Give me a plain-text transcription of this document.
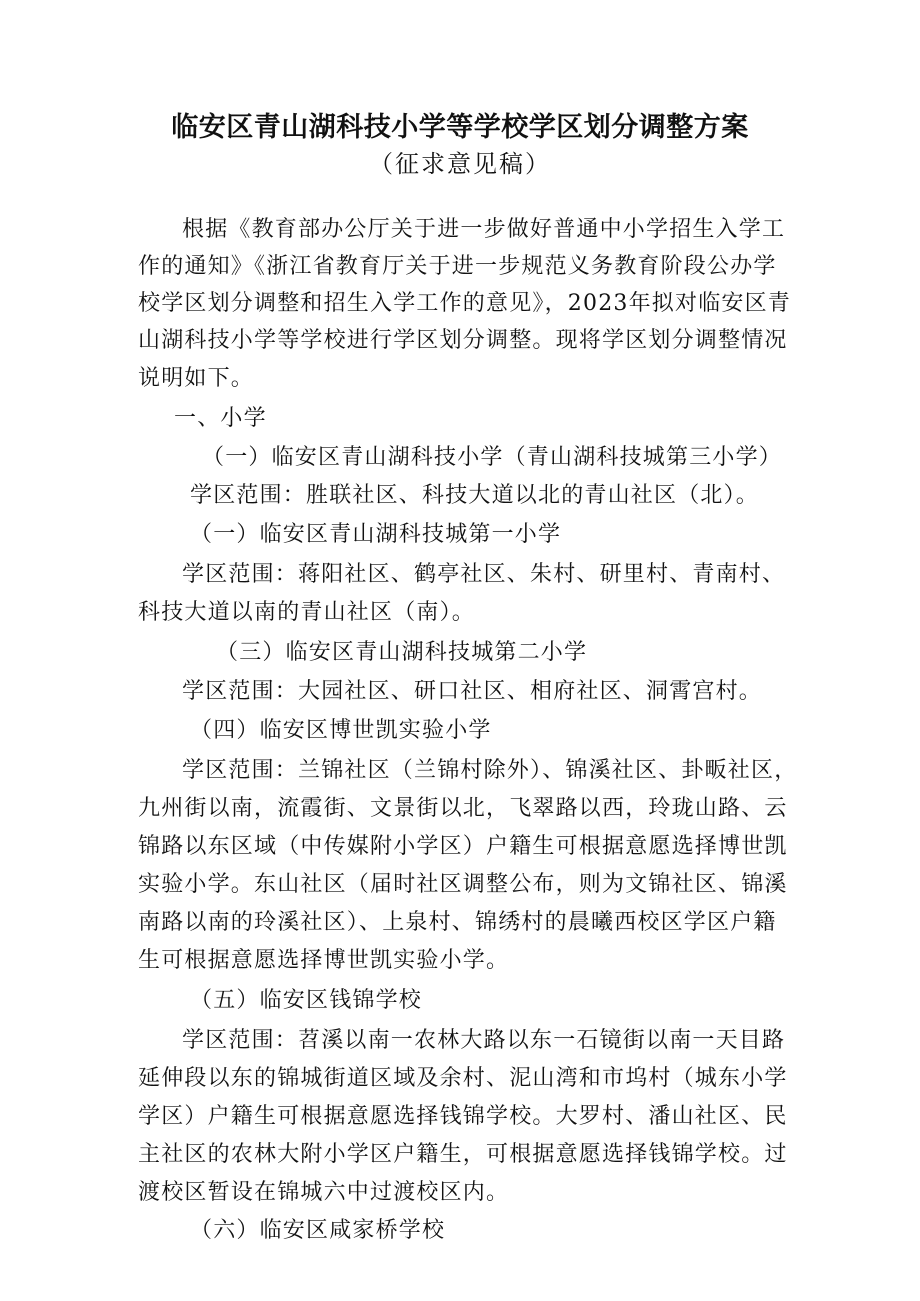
临安区青山湖科技小学等学校学区划分调整方案
（征求意见稿）
根据《教育部办公厅关于进一步做好普通中小学招生入学工
作的通知》《浙江省教育厅关于进一步规范义务教育阶段公办学
校学区划分调整和招生入学工作的意见》，2023年拟对临安区青
山湖科技小学等学校进行学区划分调整。现将学区划分调整情况
说明如下。
一、小学
（一）临安区青山湖科技小学（青山湖科技城第三小学）
学区范围：胜联社区、科技大道以北的青山社区（北）。
（一）临安区青山湖科技城第一小学
学区范围：蒋阳社区、鹤亭社区、朱村、研里村、青南村、
科技大道以南的青山社区（南）。
（三）临安区青山湖科技城第二小学
学区范围：大园社区、研口社区、相府社区、洞霄宫村。
（四）临安区博世凯实验小学
学区范围：兰锦社区（兰锦村除外）、锦溪社区、卦畈社区，
九州街以南，流霞街、文景街以北，飞翠路以西，玲珑山路、云
锦路以东区域（中传媒附小学区）户籍生可根据意愿选择博世凯
实验小学。东山社区（届时社区调整公布，则为文锦社区、锦溪
南路以南的玲溪社区）、上泉村、锦绣村的晨曦西校区学区户籍
生可根据意愿选择博世凯实验小学。
（五）临安区钱锦学校
学区范围：苕溪以南一农林大路以东一石镜街以南一天目路
延伸段以东的锦城街道区域及余村、泥山湾和市坞村（城东小学
学区）户籍生可根据意愿选择钱锦学校。大罗村、潘山社区、民
主社区的农林大附小学区户籍生，可根据意愿选择钱锦学校。过
渡校区暂设在锦城六中过渡校区内。
（六）临安区咸家桥学校
